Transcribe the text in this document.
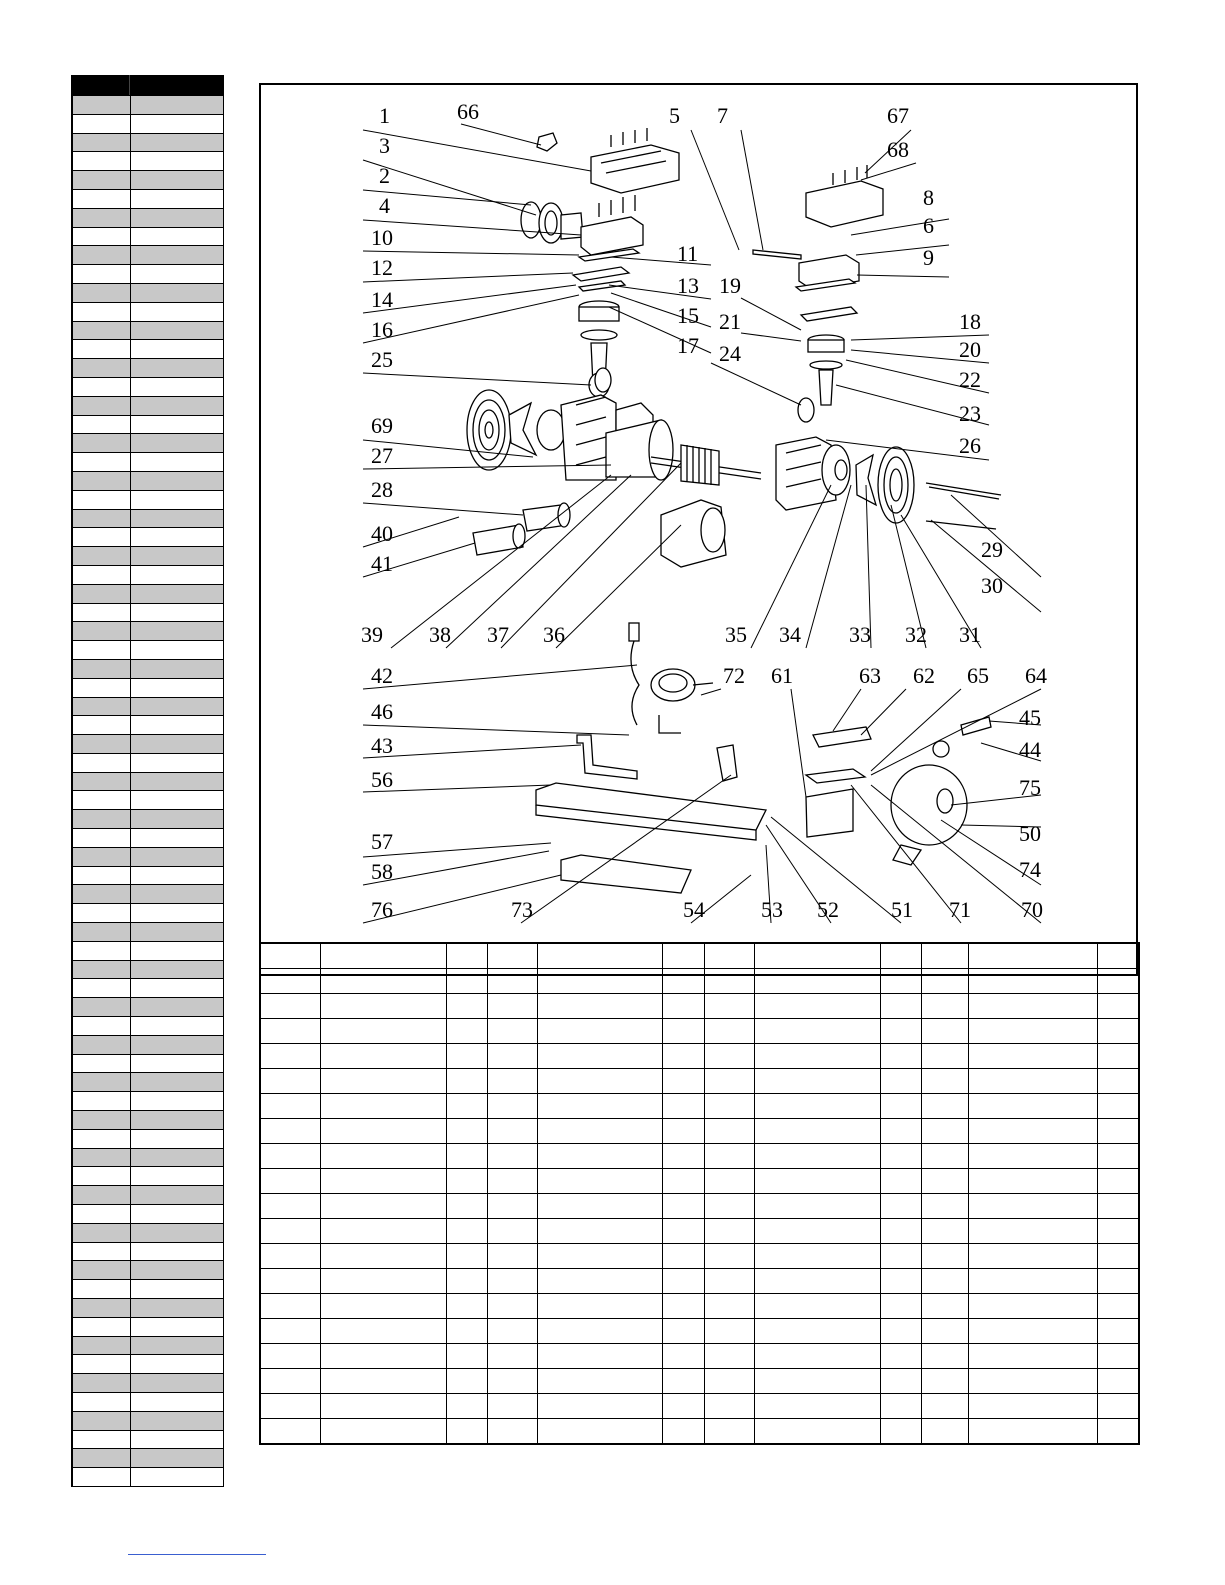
1	66
3
2
4
10
12
14
16
25
69
27
28
40
41
39 38 37 36
5 7	67
68
8
6
9
11
13 19
15
17
21
24
18
20
22
23
26
29
30
35 34 33 32 31
42	72 61	63 62 65 64
46
43
56
57
58
76	73	54	53 52 51 71 70
45
44
75
50
74
